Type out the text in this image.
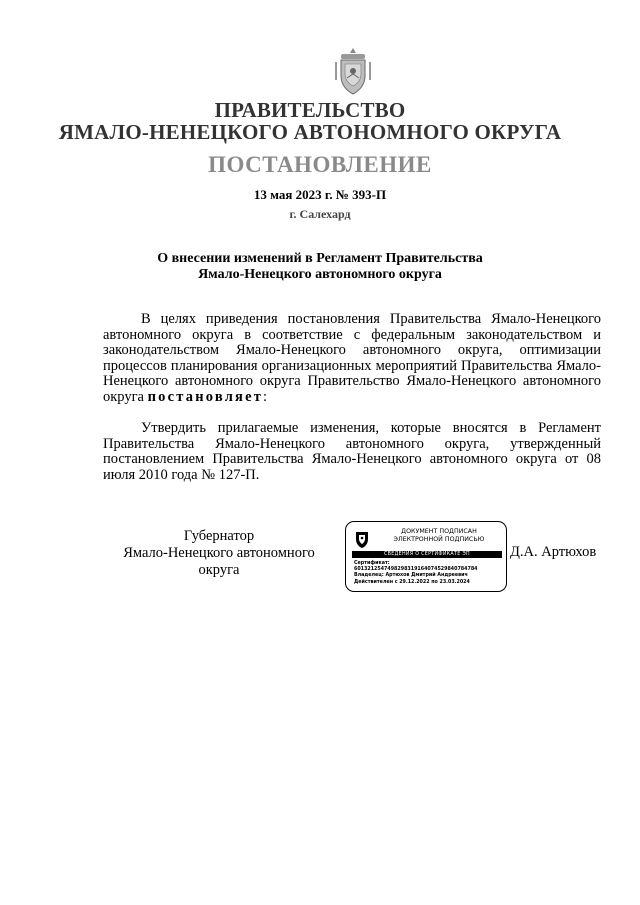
ПРАВИТЕЛЬСТВО
ЯМАЛО-НЕНЕЦКОГО АВТОНОМНОГО ОКРУГА
ПОСТАНОВЛЕНИЕ
13 мая 2023 г. № 393-П
г. Салехард
О внесении изменений в Регламент Правительства
Ямало-Ненецкого автономного округа

В целях приведения постановления Правительства Ямало-Ненецкого автономного округа в соответствие с федеральным законодательством и законодательством Ямало-Ненецкого автономного округа, оптимизации процессов планирования организационных мероприятий Правительства Ямало-Ненецкого автономного округа Правительство Ямало-Ненецкого автономного округа постановляет:

Утвердить прилагаемые изменения, которые вносятся в Регламент Правительства Ямало-Ненецкого автономного округа, утвержденный постановлением Правительства Ямало-Ненецкого автономного округа от 08 июля 2010 года № 127-П.

Губернатор
Ямало-Ненецкого автономного округа
ДОКУМЕНТ ПОДПИСАН
ЭЛЕКТРОННОЙ ПОДПИСЬЮ
СВЕДЕНИЯ О СЕРТИФИКАТЕ ЭП
Сертификат:
6013212547498298319164074529840784784
Владелец: Артюхов Дмитрий Андреевич
Действителен с 29.12.2022 по 23.03.2024
Д.А. Артюхов
